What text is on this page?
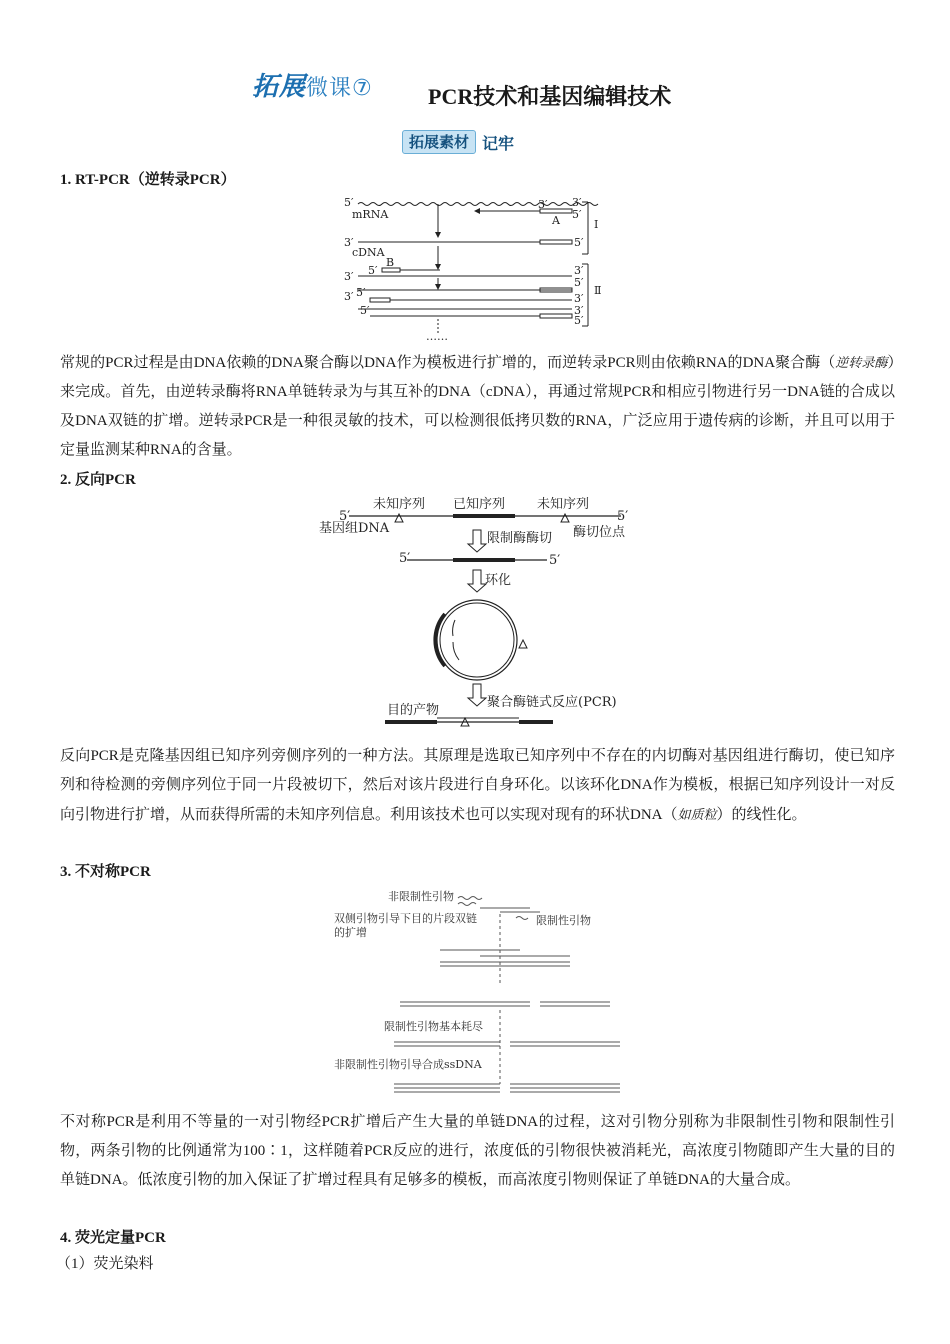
拓展微课⑦	PCR技术和基因编辑技术
拓展素材 记牢
1. RT-PCR（逆转录PCR）
5′
mRNA
3′ 3′
5′
A
3′
cDNA
5′
5′
B
3′	3′
5′
3′ 5′	3′
5′	3′
5′
Ⅰ
Ⅱ
……
常规的PCR过程是由DNA依赖的DNA聚合酶以DNA作为模板进行扩增的，而逆转录PCR则由依赖RNA的DNA聚合酶（逆转录酶）来完成。首先，由逆转录酶将RNA单链转录为与其互补的DNA（cDNA），再通过常规PCR和相应引物进行另一DNA链的合成以及DNA双链的扩增。逆转录PCR是一种很灵敏的技术，可以检测很低拷贝数的RNA，广泛应用于遗传病的诊断，并且可以用于定量监测某种RNA的含量。
2. 反向PCR
未知序列 已知序列 未知序列
5′	5′
基因组DNA	酶切位点
限制酶酶切
5′	5′
环化
聚合酶链式反应(PCR)
目的产物
反向PCR是克隆基因组已知序列旁侧序列的一种方法。其原理是选取已知序列中不存在的内切酶对基因组进行酶切，使已知序列和待检测的旁侧序列位于同一片段被切下，然后对该片段进行自身环化。以该环化DNA作为模板，根据已知序列设计一对反向引物进行扩增，从而获得所需的未知序列信息。利用该技术也可以实现对现有的环状DNA（如质粒）的线性化。
3. 不对称PCR
非限制性引物
双侧引物引导下目的片段双链
的扩增
限制性引物
限制性引物基本耗尽
非限制性引物引导合成ssDNA
不对称PCR是利用不等量的一对引物经PCR扩增后产生大量的单链DNA的过程，这对引物分别称为非限制性引物和限制性引物，两条引物的比例通常为100∶1，这样随着PCR反应的进行，浓度低的引物很快被消耗光，高浓度引物随即产生大量的目的单链DNA。低浓度引物的加入保证了扩增过程具有足够多的模板，而高浓度引物则保证了单链DNA的大量合成。
4. 荧光定量PCR
（1）荧光染料
